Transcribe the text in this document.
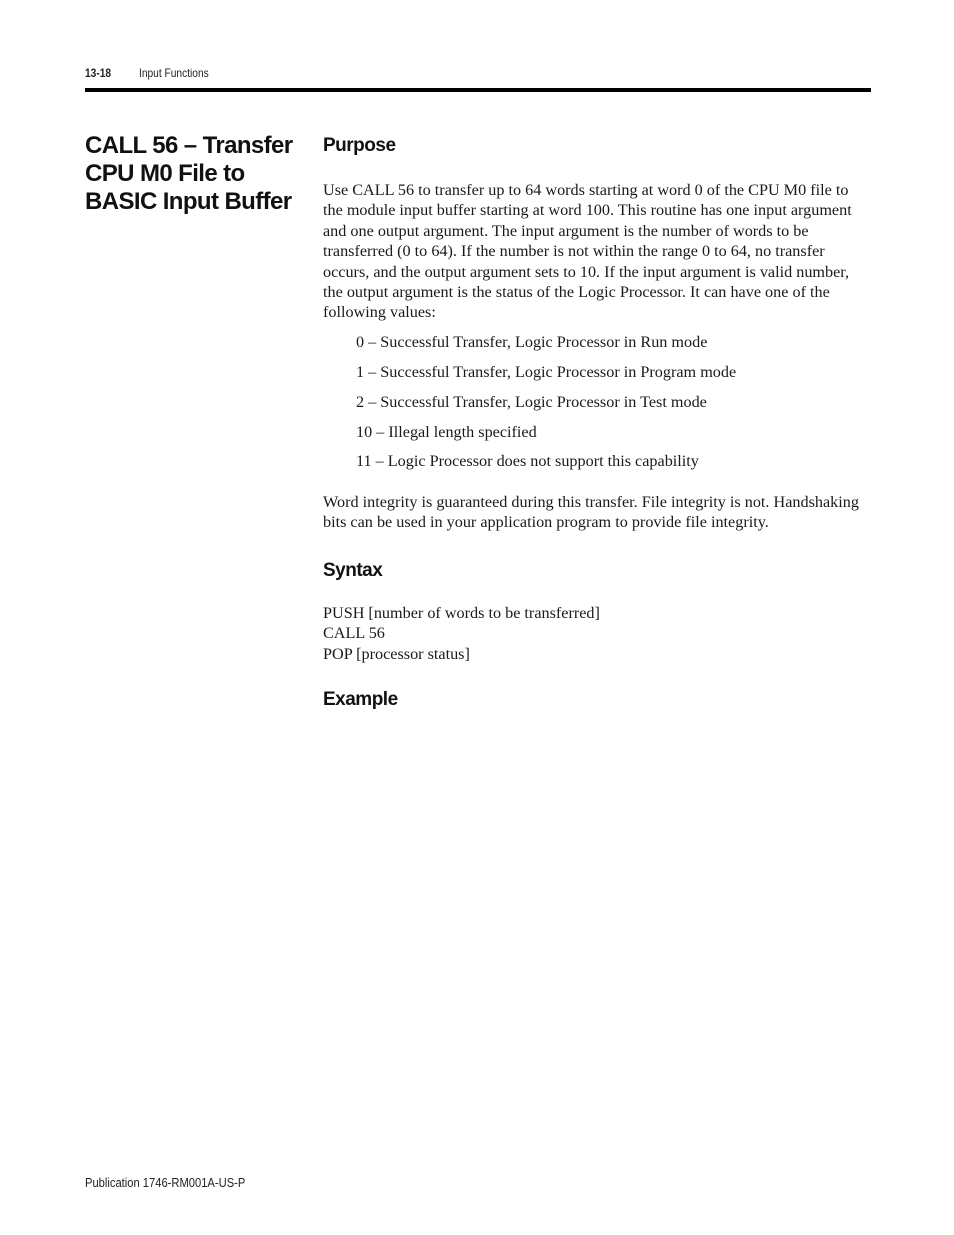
13-18 Input Functions
CALL 56 – Transfer CPU M0 File to BASIC Input Buffer
Purpose

Use CALL 56 to transfer up to 64 words starting at word 0 of the CPU M0 file to the module input buffer starting at word 100. This routine has one input argument and one output argument. The input argument is the number of words to be transferred (0 to 64). If the number is not within the range 0 to 64, no transfer occurs, and the output argument sets to 10. If the input argument is valid number, the output argument is the status of the Logic Processor. It can have one of the following values:

0 – Successful Transfer, Logic Processor in Run mode
1 – Successful Transfer, Logic Processor in Program mode
2 – Successful Transfer, Logic Processor in Test mode
10 – Illegal length specified
11 – Logic Processor does not support this capability

Word integrity is guaranteed during this transfer. File integrity is not. Handshaking bits can be used in your application program to provide file integrity.

Syntax

PUSH [number of words to be transferred]

CALL 56

POP [processor status]

Example
Publication 1746-RM001A-US-P
